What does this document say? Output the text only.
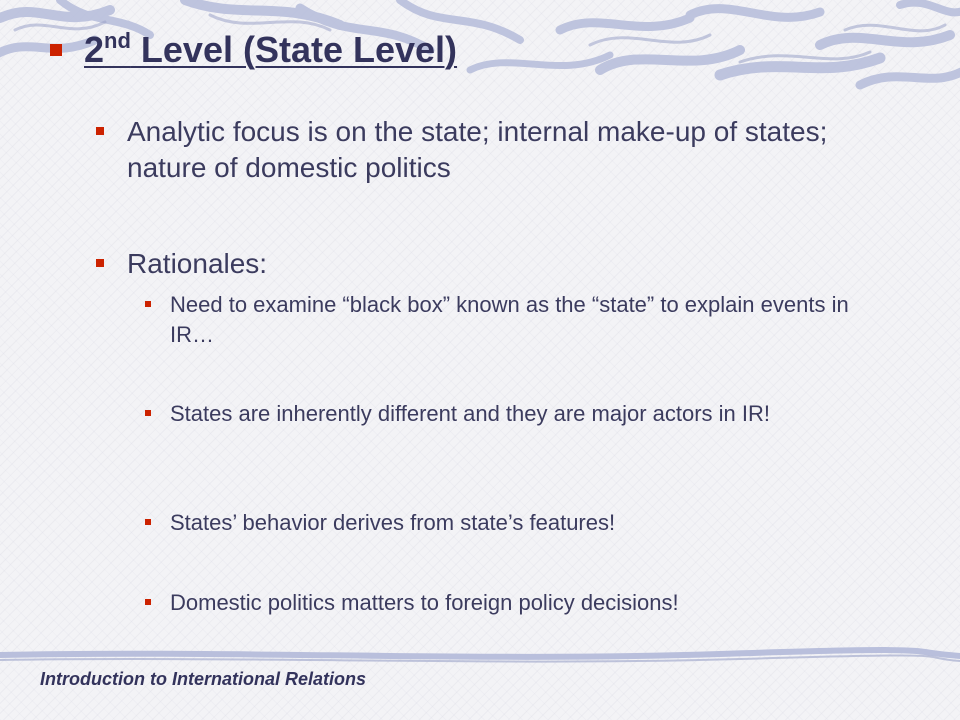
2nd Level (State Level)
Analytic focus is on the state; internal make-up of states; nature of domestic politics
Rationales:
Need to examine “black box” known as the “state” to explain events in IR…
States are inherently different and they are major actors in IR!
States’ behavior derives from state’s features!
Domestic politics matters to foreign policy decisions!
Introduction to International Relations
